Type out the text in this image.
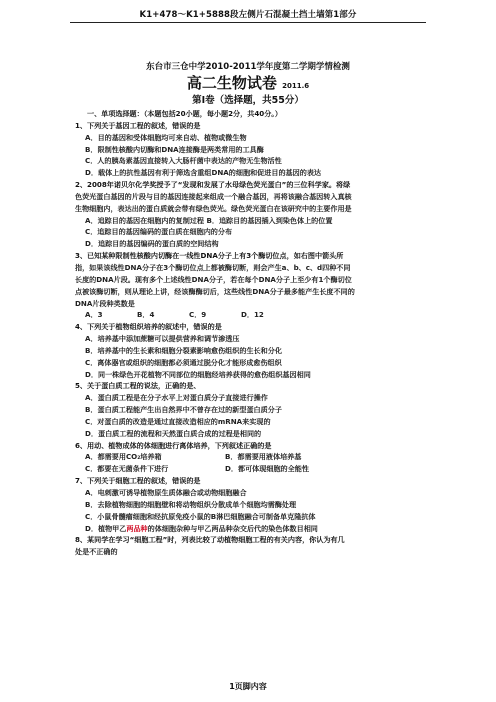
K1+478～K1+5888段左侧片石混凝土挡土墙第1部分
东台市三仓中学2010-2011学年度第二学期学情检测
高二生物试卷 2011.6
第Ⅰ卷（选择题，共55分）
一、单项选择题：（本题包括20小题，每小题2分，共40分。）
1、下列关于基因工程的叙述，错误的是
A．目的基因和受体细胞均可来自动、植物或微生物
B．限制性核酸内切酶和DNA连接酶是两类常用的工具酶
C．人的胰岛素基因直接转入大肠杆菌中表达的产物无生物活性
D．载体上的抗性基因有利于筛选含重组DNA的细胞和促进目的基因的表达
2、2008年诺贝尔化学奖授予了“发现和发展了水母绿色荧光蛋白”的三位科学家。将绿
色荧光蛋白基因的片段与目的基因连接起来组成一个融合基因，再将该融合基因转入真核
生物细胞内，表达出的蛋白质就会带有绿色荧光。绿色荧光蛋白在该研究中的主要作用是
A．追踪目的基因在细胞内的复制过程 B．追踪目的基因插入到染色体上的位置
C．追踪目的基因编码的蛋白质在细胞内的分布
D．追踪目的基因编码的蛋白质的空间结构
3、已知某种限制性核酸内切酶在一线性DNA分子上有3个酶切位点，如右图中箭头所
指，如果该线性DNA分子在3个酶切位点上都被酶切断，则会产生a、b、c、d四种不同
长度的DNA片段。现有多个上述线性DNA分子，若在每个DNA分子上至少有1个酶切位
点被该酶切断，则从理论上讲，经该酶酶切后，这些线性DNA分子最多能产生长度不同的
DNA片段种类数是
A．3	B．4	C．9	D．12
4、下列关于植物组织培养的叙述中，错误的是
A．培养基中添加蔗糖可以提供营养和调节渗透压
B．培养基中的生长素和细胞分裂素影响愈伤组织的生长和分化
C．离体器官或组织的细胞都必须通过脱分化才能形成愈伤组织
D．同一株绿色开花植物不同部位的细胞经培养获得的愈伤组织基因相同
5、关于蛋白质工程的说法，正确的是、
A．蛋白质工程是在分子水平上对蛋白质分子直接进行操作
B．蛋白质工程能产生出自然界中不曾存在过的新型蛋白质分子
C．对蛋白质的改造是通过直接改造相应的mRNA来实现的
D．蛋白质工程的流程和天然蛋白质合成的过程是相同的
6、用动、植物成体的体细胞进行离体培养，下列叙述正确的是
A．都需要用CO₂培养箱	B．都需要用液体培养基
C．都要在无菌条件下进行	D．都可体现细胞的全能性
7、下列关于细胞工程的叙述，错误的是
A．电刺激可诱导植物原生质体融合或动物细胞融合
B．去除植物细胞的细胞壁和将动物组织分散成单个细胞均需酶处理
C．小鼠骨髓瘤细胞和经抗原免疫小鼠的B淋巴细胞融合可制备单克隆抗体
D．植物甲乙两品种的体细胞杂种与甲乙两品种杂交后代的染色体数目相同
8、某同学在学习“细胞工程”时，列表比较了动植物细胞工程的有关内容，你认为有几
处是不正确的
1页脚内容
